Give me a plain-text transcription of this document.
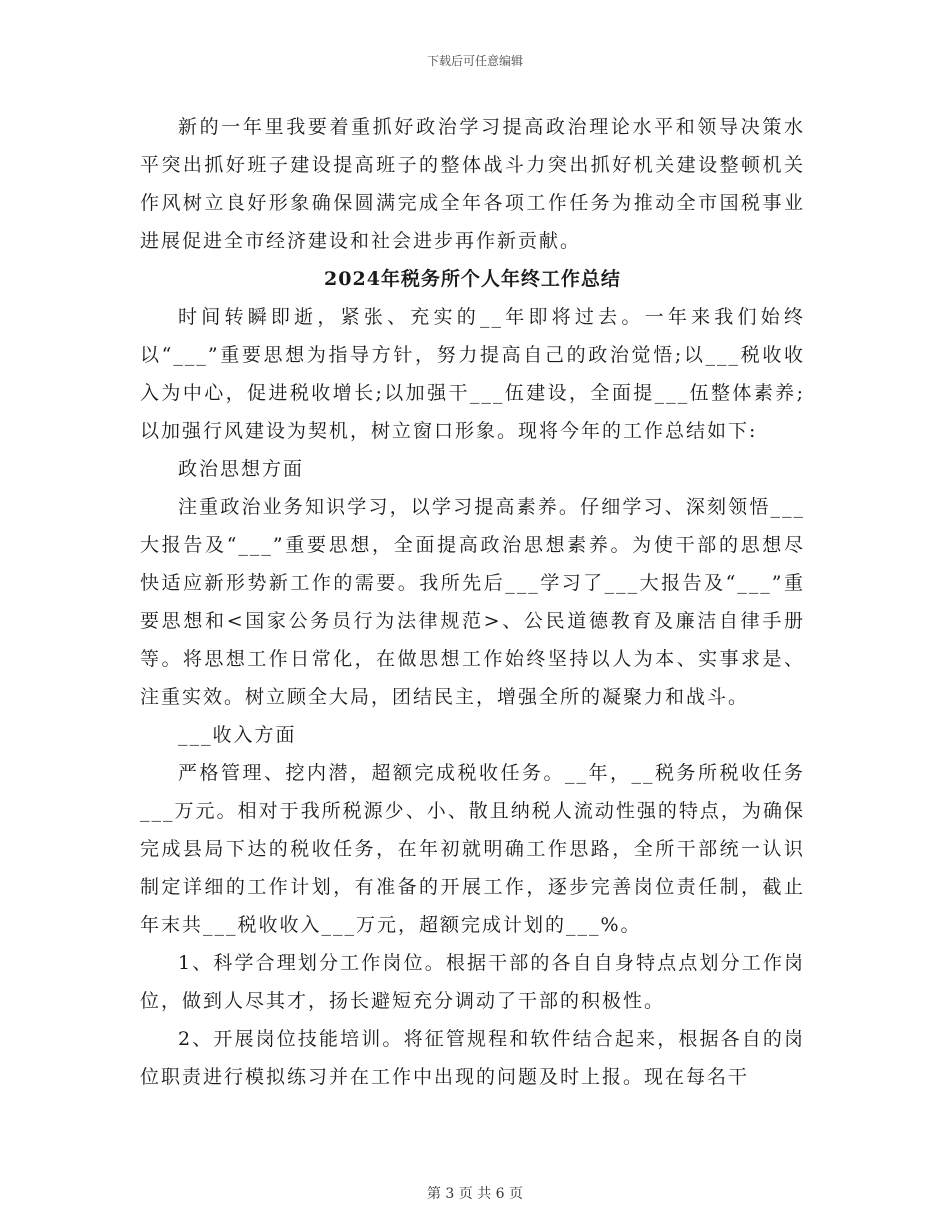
下载后可任意编辑

新的一年里我要着重抓好政治学习提高政治理论水平和领导决策水平突出抓好班子建设提高班子的整体战斗力突出抓好机关建设整顿机关作风树立良好形象确保圆满完成全年各项工作任务为推动全市国税事业进展促进全市经济建设和社会进步再作新贡献。

2024年税务所个人年终工作总结

时间转瞬即逝，紧张、充实的__年即将过去。一年来我们始终以“___”重要思想为指导方针，努力提高自己的政治觉悟;以___税收收入为中心，促进税收增长;以加强干___伍建设，全面提___伍整体素养;以加强行风建设为契机，树立窗口形象。现将今年的工作总结如下:

政治思想方面

注重政治业务知识学习，以学习提高素养。仔细学习、深刻领悟___大报告及“___”重要思想，全面提高政治思想素养。为使干部的思想尽快适应新形势新工作的需要。我所先后___学习了___大报告及“___”重要思想和<国家公务员行为法律规范>、公民道德教育及廉洁自律手册等。将思想工作日常化，在做思想工作始终坚持以人为本、实事求是、注重实效。树立顾全大局，团结民主，增强全所的凝聚力和战斗。

___收入方面

严格管理、挖内潜，超额完成税收任务。__年，__税务所税收任务___万元。相对于我所税源少、小、散且纳税人流动性强的特点，为确保完成县局下达的税收任务，在年初就明确工作思路，全所干部统一认识制定详细的工作计划，有准备的开展工作，逐步完善岗位责任制，截止年末共___税收收入___万元，超额完成计划的___%。

1、科学合理划分工作岗位。根据干部的各自自身特点点划分工作岗位，做到人尽其才，扬长避短充分调动了干部的积极性。

2、开展岗位技能培训。将征管规程和软件结合起来，根据各自的岗位职责进行模拟练习并在工作中出现的问题及时上报。现在每名干

第 3 页 共 6 页
